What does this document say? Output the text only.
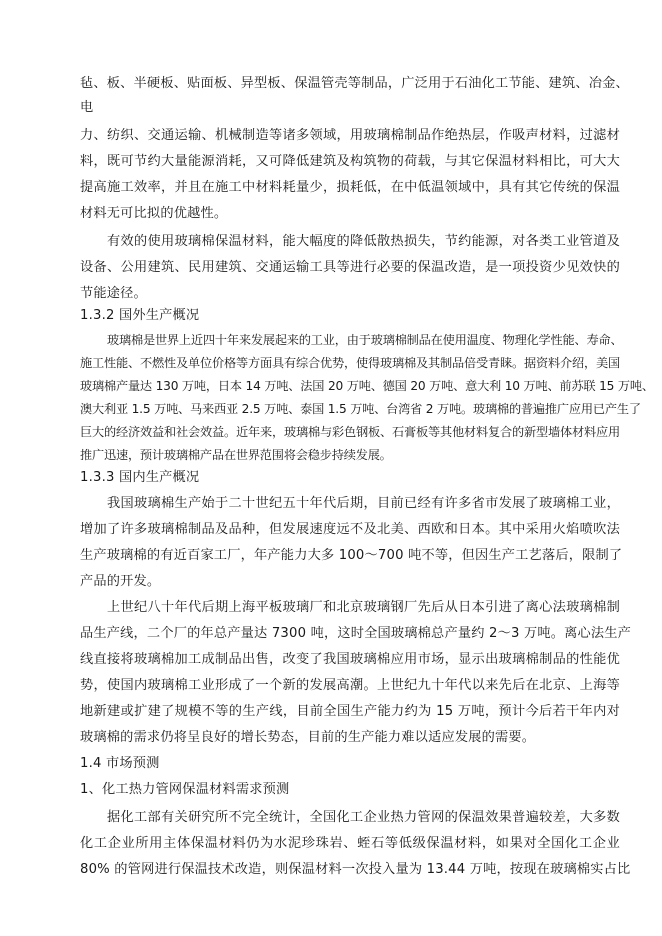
毡、板、半硬板、贴面板、异型板、保温管壳等制品，广泛用于石油化工节能、建筑、冶金、
电
力、纺织、交通运输、机械制造等诸多领域，用玻璃棉制品作绝热层，作吸声材料，过滤材
料，既可节约大量能源消耗，又可降低建筑及构筑物的荷载，与其它保温材料相比，可大大
提高施工效率，并且在施工中材料耗量少，损耗低，在中低温领域中，具有其它传统的保温
材料无可比拟的优越性。
有效的使用玻璃棉保温材料，能大幅度的降低散热损失，节约能源，对各类工业管道及
设备、公用建筑、民用建筑、交通运输工具等进行必要的保温改造，是一项投资少见效快的
节能途径。
1.3.2 国外生产概况
玻璃棉是世界上近四十年来发展起来的工业，由于玻璃棉制品在使用温度、物理化学性能、寿命、
施工性能、不燃性及单位价格等方面具有综合优势，使得玻璃棉及其制品倍受青睐。据资料介绍，美国
玻璃棉产量达 130 万吨，日本 14 万吨、法国 20 万吨、德国 20 万吨、意大利 10 万吨、前苏联 15 万吨、
澳大利亚 1.5 万吨、马来西亚 2.5 万吨、泰国 1.5 万吨、台湾省 2 万吨。玻璃棉的普遍推广应用已产生了
巨大的经济效益和社会效益。近年来，玻璃棉与彩色钢板、石膏板等其他材料复合的新型墙体材料应用
推广迅速，预计玻璃棉产品在世界范围将会稳步持续发展。
1.3.3 国内生产概况
我国玻璃棉生产始于二十世纪五十年代后期，目前已经有许多省市发展了玻璃棉工业，
增加了许多玻璃棉制品及品种，但发展速度远不及北美、西欧和日本。其中采用火焰喷吹法
生产玻璃棉的有近百家工厂，年产能力大多 100～700 吨不等，但因生产工艺落后，限制了
产品的开发。
上世纪八十年代后期上海平板玻璃厂和北京玻璃钢厂先后从日本引进了离心法玻璃棉制
品生产线，二个厂的年总产量达 7300 吨，这时全国玻璃棉总产量约 2～3 万吨。离心法生产
线直接将玻璃棉加工成制品出售，改变了我国玻璃棉应用市场，显示出玻璃棉制品的性能优
势，使国内玻璃棉工业形成了一个新的发展高潮。上世纪九十年代以来先后在北京、上海等
地新建或扩建了规模不等的生产线，目前全国生产能力约为 15 万吨，预计今后若干年内对
玻璃棉的需求仍将呈良好的增长势态，目前的生产能力难以适应发展的需要。
1.4 市场预测
1、化工热力管网保温材料需求预测
据化工部有关研究所不完全统计，全国化工企业热力管网的保温效果普遍较差，大多数
化工企业所用主体保温材料仍为水泥珍珠岩、蛭石等低级保温材料，如果对全国化工企业
80% 的管网进行保温技术改造，则保温材料一次投入量为 13.44 万吨，按现在玻璃棉实占比
